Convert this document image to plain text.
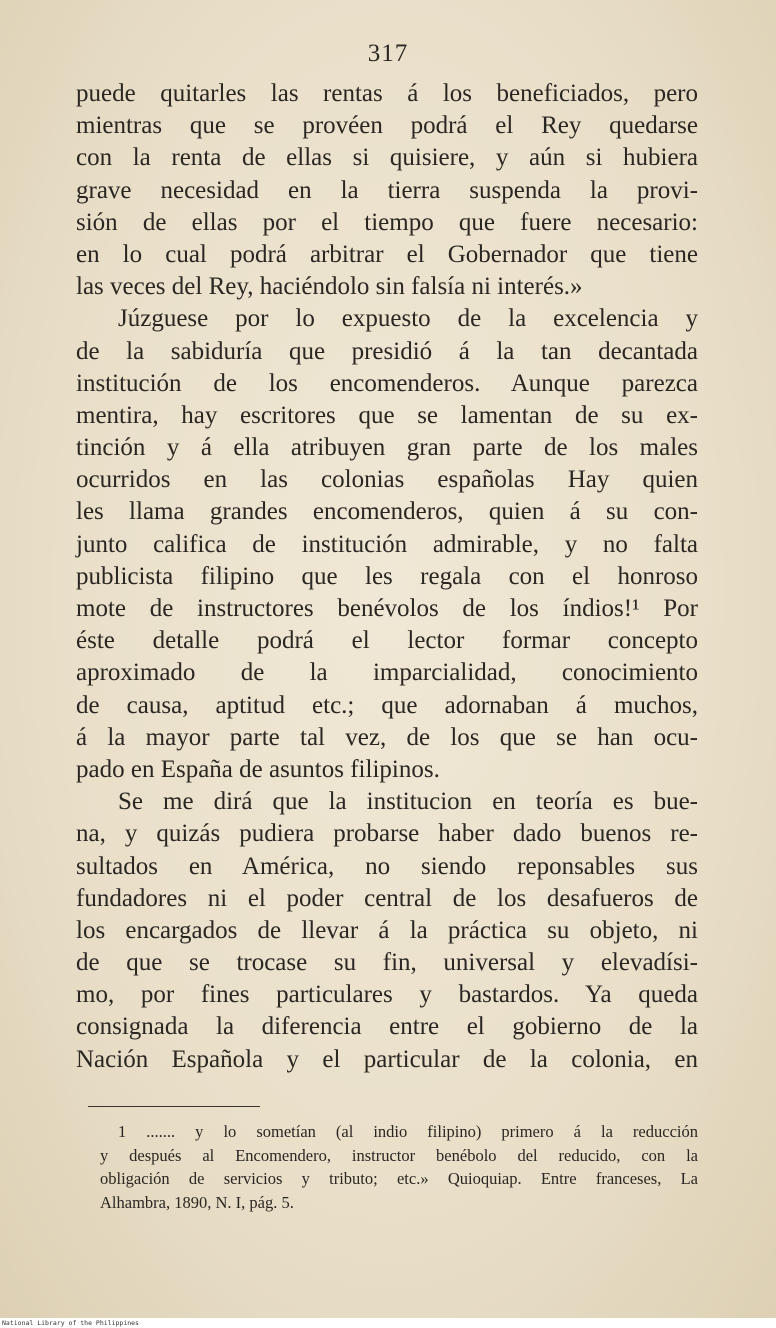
317
puede quitarles las rentas á los beneficiados, pero
mientras que se provéen podrá el Rey quedarse
con la renta de ellas si quisiere, y aún si hubiera
grave necesidad en la tierra suspenda la provi-
sión de ellas por el tiempo que fuere necesario:
en lo cual podrá arbitrar el Gobernador que tiene
las veces del Rey, haciéndolo sin falsía ni interés.»
Júzguese por lo expuesto de la excelencia y
de la sabiduría que presidió á la tan decantada
institución de los encomenderos. Aunque parezca
mentira, hay escritores que se lamentan de su ex-
tinción y á ella atribuyen gran parte de los males
ocurridos en las colonias españolas Hay quien
les llama grandes encomenderos, quien á su con-
junto califica de institución admirable, y no falta
publicista filipino que les regala con el honroso
mote de instructores benévolos de los índios!¹ Por
éste detalle podrá el lector formar concepto
aproximado de la imparcialidad, conocimiento
de causa, aptitud etc.; que adornaban á muchos,
á la mayor parte tal vez, de los que se han ocu-
pado en España de asuntos filipinos.
Se me dirá que la institucion en teoría es bue-
na, y quizás pudiera probarse haber dado buenos re-
sultados en América, no siendo reponsables sus
fundadores ni el poder central de los desafueros de
los encargados de llevar á la práctica su objeto, ni
de que se trocase su fin, universal y elevadísi-
mo, por fines particulares y bastardos. Ya queda
consignada la diferencia entre el gobierno de la
Nación Española y el particular de la colonia, en
1 ....... y lo sometían (al indio filipino) primero á la reducción
y después al Encomendero, instructor benébolo del reducido, con la
obligación de servicios y tributo; etc.» Quioquiap. Entre franceses, La
Alhambra, 1890, N. I, pág. 5.
National Library of the Philippines
